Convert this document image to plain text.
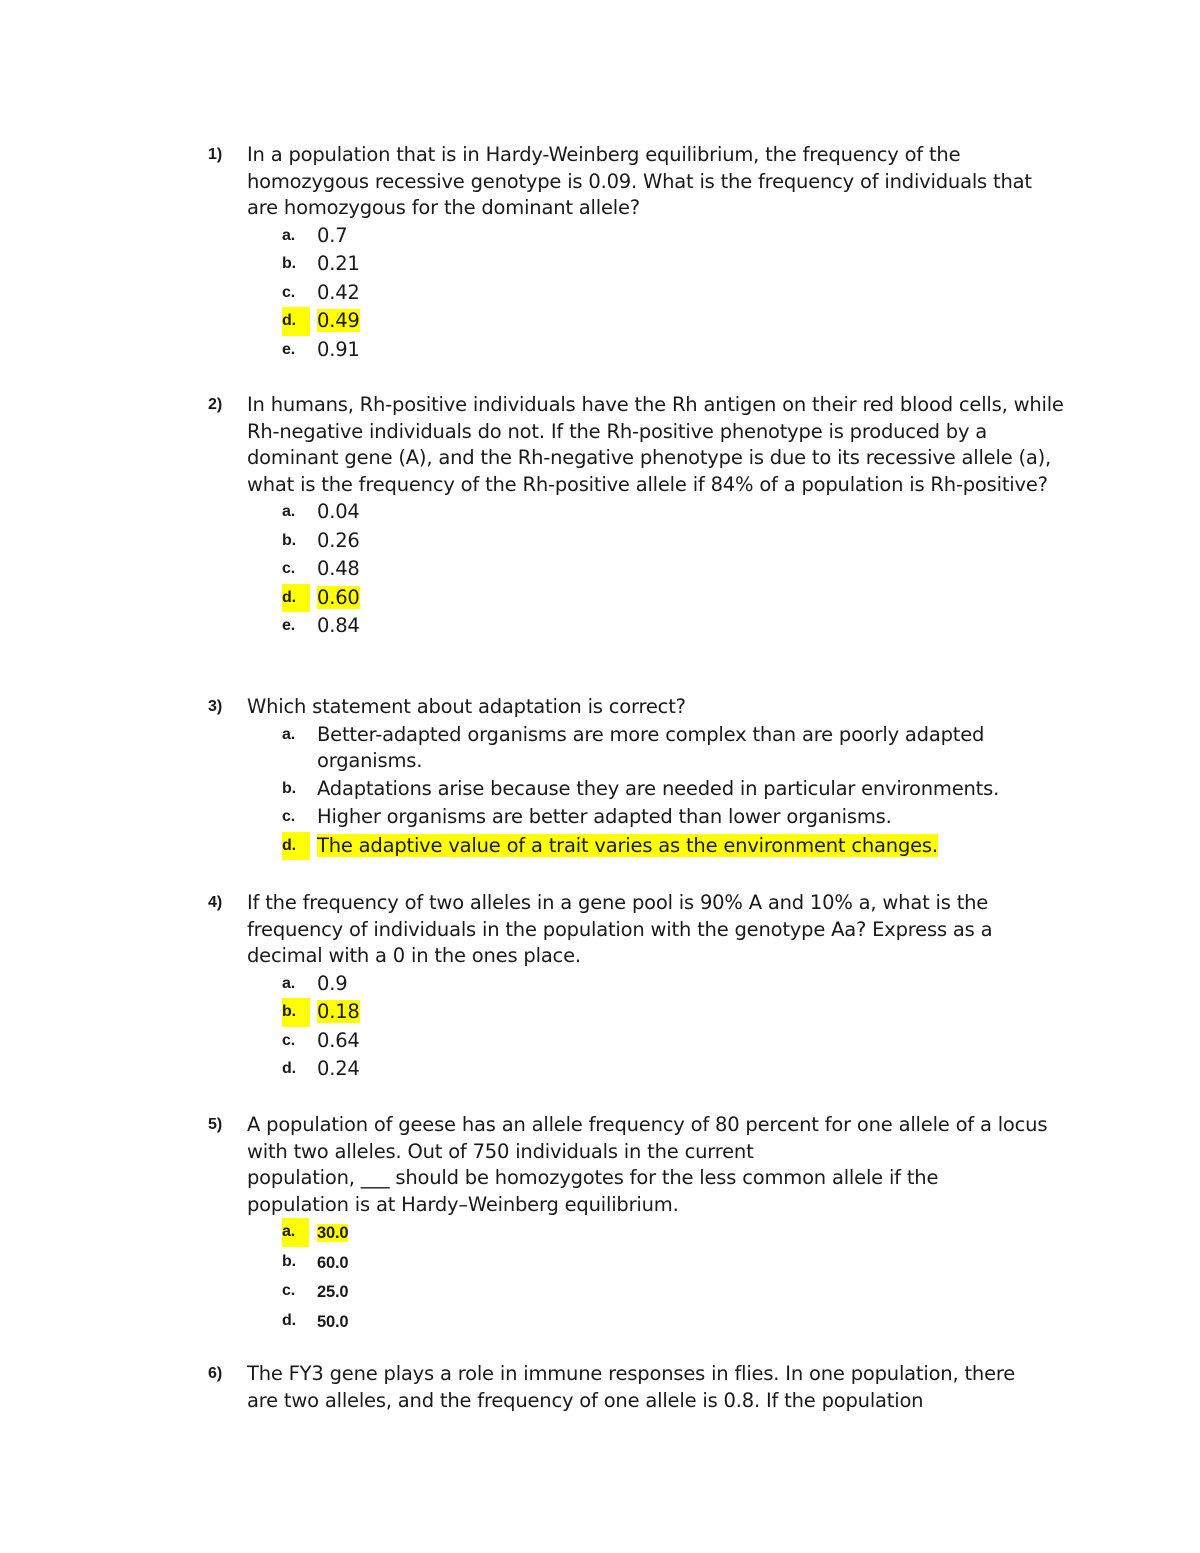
1) In a population that is in Hardy-Weinberg equilibrium, the frequency of the homozygous recessive genotype is 0.09. What is the frequency of individuals that are homozygous for the dominant allele?
a. 0.7
b. 0.21
c. 0.42
d.	0.49
e. 0.91
2) In humans, Rh-positive individuals have the Rh antigen on their red blood cells, while Rh-negative individuals do not. If the Rh-positive phenotype is produced by a dominant gene (A), and the Rh-negative phenotype is due to its recessive allele (a), what is the frequency of the Rh-positive allele if 84% of a population is Rh-positive?
a. 0.04
b. 0.26
c. 0.48
d.	0.60
e. 0.84
3) Which statement about adaptation is correct?
a. Better-adapted organisms are more complex than are poorly adapted organisms.
b. Adaptations arise because they are needed in particular environments.
c. Higher organisms are better adapted than lower organisms.
d.	The adaptive value of a trait varies as the environment changes.
4) If the frequency of two alleles in a gene pool is 90% A and 10% a, what is the frequency of individuals in the population with the genotype Aa? Express as a decimal with a 0 in the ones place.
a. 0.9
b.	0.18
c. 0.64
d. 0.24
5) A population of geese has an allele frequency of 80 percent for one allele of a locus with two alleles. Out of 750 individuals in the current
population, ___ should be homozygotes for the less common allele if the population is at Hardy–Weinberg equilibrium.
a.	30.0
b. 60.0
c. 25.0
d. 50.0
6) The FY3 gene plays a role in immune responses in flies. In one population, there are two alleles, and the frequency of one allele is 0.8. If the population
